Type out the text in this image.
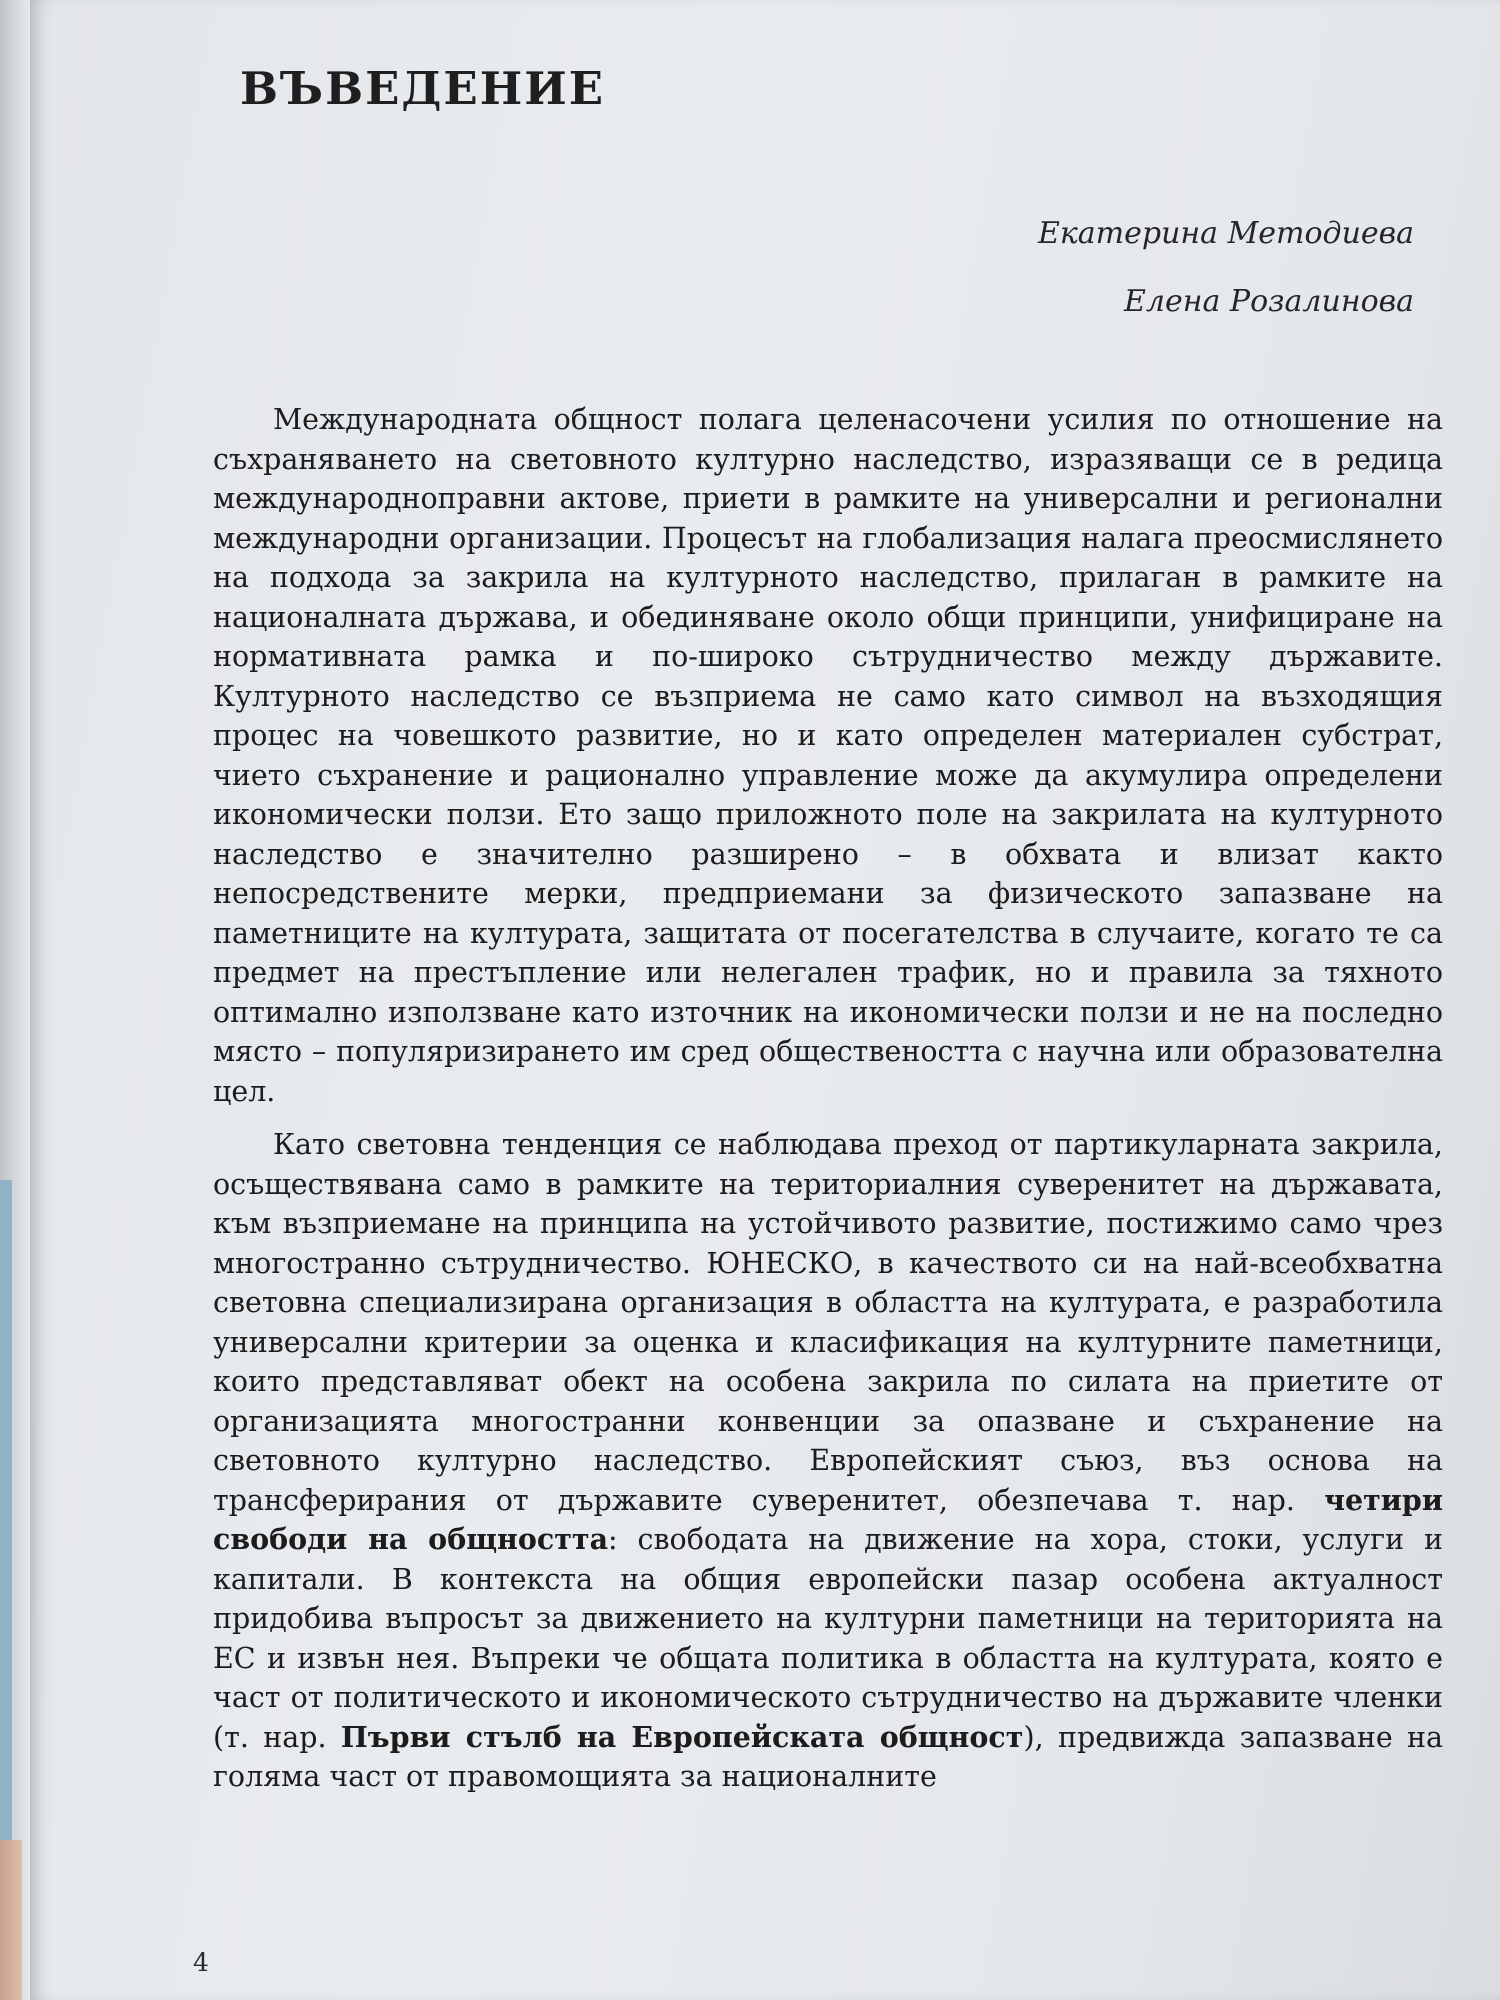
ВЪВЕДЕНИЕ
Екатерина Методиева
Елена Розалинова

Международната общност полага целенасочени усилия по отношение на съхраняването на световното културно наследство, изразяващи се в редица международноправни актове, приети в рамките на универсални и регионални международни организации. Процесът на глобализация налага преосмислянето на подхода за закрила на културното наследство, прилаган в рамките на националната държава, и обединяване около общи принципи, унифициране на нормативната рамка и по-широко сътрудничество между държавите. Културното наследство се възприема не само като символ на възходящия процес на човешкото развитие, но и като определен материален субстрат, чието съхранение и рационално управление може да акумулира определени икономически ползи. Ето защо приложното поле на закрилата на културното наследство е значително разширено – в обхвата и влизат както непосредствените мерки, предприемани за физическото запазване на паметниците на културата, защитата от посегателства в случаите, когато те са предмет на престъпление или нелегален трафик, но и правила за тяхното оптимално използване като източник на икономически ползи и не на последно място – популяризирането им сред обществеността с научна или образователна цел.

Като световна тенденция се наблюдава преход от партикуларната закрила, осъществявана само в рамките на териториалния суверенитет на държавата, към възприемане на принципа на устойчивото развитие, постижимо само чрез многостранно сътрудничество. ЮНЕСКО, в качеството си на най-всеобхватна световна специализирана организация в областта на културата, е разработила универсални критерии за оценка и класификация на културните паметници, които представляват обект на особена закрила по силата на приетите от организацията многостранни конвенции за опазване и съхранение на световното културно наследство. Европейският съюз, въз основа на трансферирания от държавите суверенитет, обезпечава т. нар. четири свободи на общността: свободата на движение на хора, стоки, услуги и капитали. В контекста на общия европейски пазар особена актуалност придобива въпросът за движението на културни паметници на територията на ЕС и извън нея. Въпреки че общата политика в областта на културата, която е част от политическото и икономическото сътрудничество на държавите членки (т. нар. Първи стълб на Европейската общност), предвижда запазване на голяма част от правомощията за националните

4
